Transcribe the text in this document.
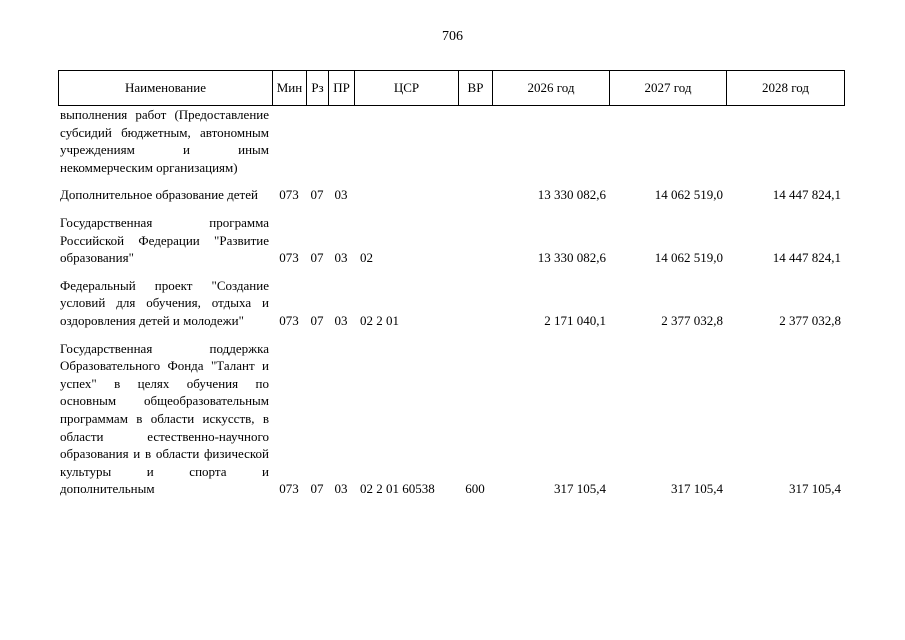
706
Наименование	Мин	Рз	ПР	ЦСР	ВР	2026 год	2027 год	2028 год
выполнения работ (Предоставление субсидий бюджетным, автономным учреждениям и иным некоммерческим организациям)								

Дополнительное образование детей	073	07	03			13 330 082,6	14 062 519,0	14 447 824,1

Государственная программа Российской Федерации "Развитие образования"	073	07	03	02		13 330 082,6	14 062 519,0	14 447 824,1

Федеральный проект "Создание условий для обучения, отдыха и оздоровления детей и молодежи"	073	07	03	02 2 01		2 171 040,1	2 377 032,8	2 377 032,8

Государственная поддержка Образовательного Фонда "Талант и успех" в целях обучения по основным общеобразовательным программам в области искусств, в области естественно-научного образования и в области физической культуры и спорта и дополнительным	073	07	03	02 2 01 60538	600	317 105,4	317 105,4	317 105,4
